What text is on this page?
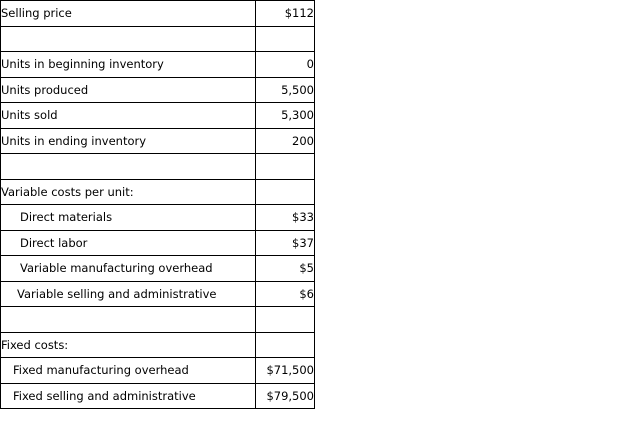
Selling price	$112

Units in beginning inventory	0
Units produced	5,500
Units sold	5,300
Units in ending inventory	200

Variable costs per unit:	
Direct materials	$33
Direct labor	$37
Variable manufacturing overhead	$5
Variable selling and administrative	$6

Fixed costs:	
Fixed manufacturing overhead	$71,500
Fixed selling and administrative	$79,500
